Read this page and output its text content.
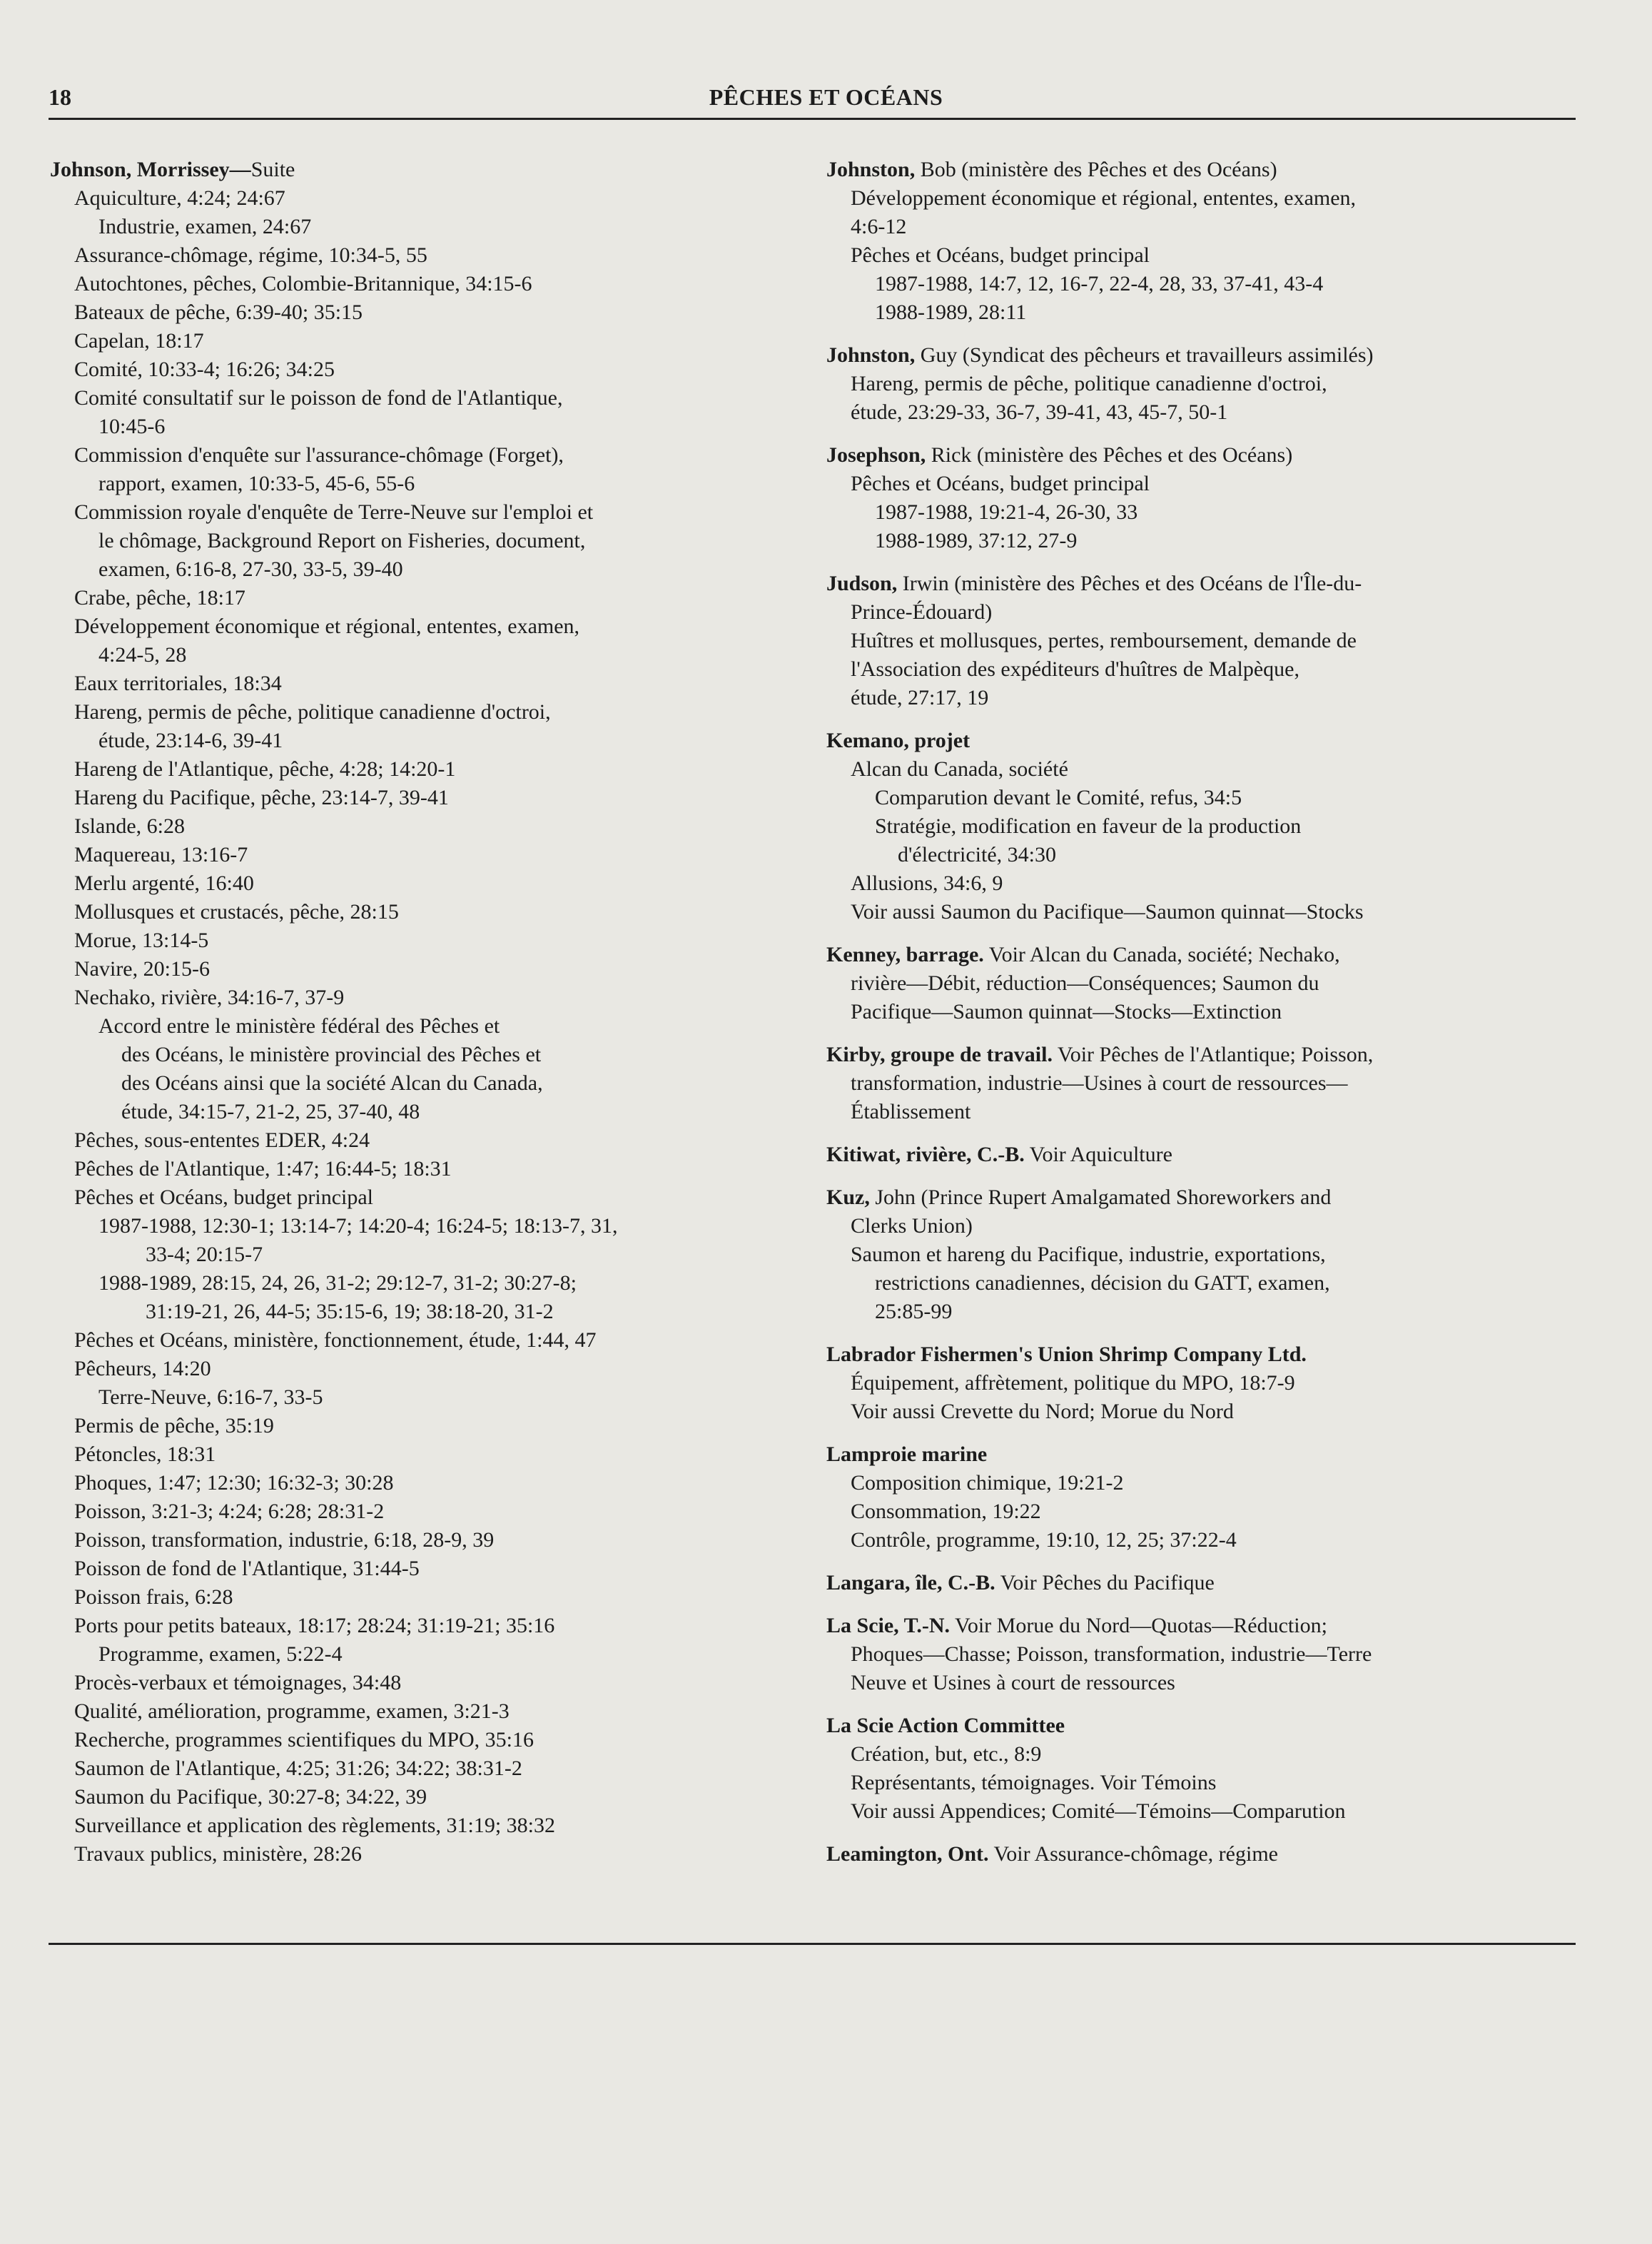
18	PÊCHES ET OCÉANS
Johnson, Morrissey—Suite
Aquiculture, 4:24; 24:67
Industrie, examen, 24:67
Assurance-chômage, régime, 10:34-5, 55
Autochtones, pêches, Colombie-Britannique, 34:15-6
Bateaux de pêche, 6:39-40; 35:15
Capelan, 18:17
Comité, 10:33-4; 16:26; 34:25
Comité consultatif sur le poisson de fond de l'Atlantique,
10:45-6
Commission d'enquête sur l'assurance-chômage (Forget),
rapport, examen, 10:33-5, 45-6, 55-6
Commission royale d'enquête de Terre-Neuve sur l'emploi et
le chômage, Background Report on Fisheries, document,
examen, 6:16-8, 27-30, 33-5, 39-40
Crabe, pêche, 18:17
Développement économique et régional, ententes, examen,
4:24-5, 28
Eaux territoriales, 18:34
Hareng, permis de pêche, politique canadienne d'octroi,
étude, 23:14-6, 39-41
Hareng de l'Atlantique, pêche, 4:28; 14:20-1
Hareng du Pacifique, pêche, 23:14-7, 39-41
Islande, 6:28
Maquereau, 13:16-7
Merlu argenté, 16:40
Mollusques et crustacés, pêche, 28:15
Morue, 13:14-5
Navire, 20:15-6
Nechako, rivière, 34:16-7, 37-9
Accord entre le ministère fédéral des Pêches et
des Océans, le ministère provincial des Pêches et
des Océans ainsi que la société Alcan du Canada,
étude, 34:15-7, 21-2, 25, 37-40, 48
Pêches, sous-ententes EDER, 4:24
Pêches de l'Atlantique, 1:47; 16:44-5; 18:31
Pêches et Océans, budget principal
1987-1988, 12:30-1; 13:14-7; 14:20-4; 16:24-5; 18:13-7, 31,
33-4; 20:15-7
1988-1989, 28:15, 24, 26, 31-2; 29:12-7, 31-2; 30:27-8;
31:19-21, 26, 44-5; 35:15-6, 19; 38:18-20, 31-2
Pêches et Océans, ministère, fonctionnement, étude, 1:44, 47
Pêcheurs, 14:20
Terre-Neuve, 6:16-7, 33-5
Permis de pêche, 35:19
Pétoncles, 18:31
Phoques, 1:47; 12:30; 16:32-3; 30:28
Poisson, 3:21-3; 4:24; 6:28; 28:31-2
Poisson, transformation, industrie, 6:18, 28-9, 39
Poisson de fond de l'Atlantique, 31:44-5
Poisson frais, 6:28
Ports pour petits bateaux, 18:17; 28:24; 31:19-21; 35:16
Programme, examen, 5:22-4
Procès-verbaux et témoignages, 34:48
Qualité, amélioration, programme, examen, 3:21-3
Recherche, programmes scientifiques du MPO, 35:16
Saumon de l'Atlantique, 4:25; 31:26; 34:22; 38:31-2
Saumon du Pacifique, 30:27-8; 34:22, 39
Surveillance et application des règlements, 31:19; 38:32
Travaux publics, ministère, 28:26
Johnston, Bob (ministère des Pêches et des Océans)
Développement économique et régional, ententes, examen,
4:6-12
Pêches et Océans, budget principal
1987-1988, 14:7, 12, 16-7, 22-4, 28, 33, 37-41, 43-4
1988-1989, 28:11
Johnston, Guy (Syndicat des pêcheurs et travailleurs assimilés)
Hareng, permis de pêche, politique canadienne d'octroi,
étude, 23:29-33, 36-7, 39-41, 43, 45-7, 50-1
Josephson, Rick (ministère des Pêches et des Océans)
Pêches et Océans, budget principal
1987-1988, 19:21-4, 26-30, 33
1988-1989, 37:12, 27-9
Judson, Irwin (ministère des Pêches et des Océans de l'Île-du-
Prince-Édouard)
Huîtres et mollusques, pertes, remboursement, demande de
l'Association des expéditeurs d'huîtres de Malpèque,
étude, 27:17, 19
Kemano, projet
Alcan du Canada, société
Comparution devant le Comité, refus, 34:5
Stratégie, modification en faveur de la production
d'électricité, 34:30
Allusions, 34:6, 9
Voir aussi Saumon du Pacifique—Saumon quinnat—Stocks
Kenney, barrage. Voir Alcan du Canada, société; Nechako,
rivière—Débit, réduction—Conséquences; Saumon du
Pacifique—Saumon quinnat—Stocks—Extinction
Kirby, groupe de travail. Voir Pêches de l'Atlantique; Poisson,
transformation, industrie—Usines à court de ressources—
Établissement
Kitiwat, rivière, C.-B. Voir Aquiculture
Kuz, John (Prince Rupert Amalgamated Shoreworkers and
Clerks Union)
Saumon et hareng du Pacifique, industrie, exportations,
restrictions canadiennes, décision du GATT, examen,
25:85-99
Labrador Fishermen's Union Shrimp Company Ltd.
Équipement, affrètement, politique du MPO, 18:7-9
Voir aussi Crevette du Nord; Morue du Nord
Lamproie marine
Composition chimique, 19:21-2
Consommation, 19:22
Contrôle, programme, 19:10, 12, 25; 37:22-4
Langara, île, C.-B. Voir Pêches du Pacifique
La Scie, T.-N. Voir Morue du Nord—Quotas—Réduction;
Phoques—Chasse; Poisson, transformation, industrie—Terre
Neuve et Usines à court de ressources
La Scie Action Committee
Création, but, etc., 8:9
Représentants, témoignages. Voir Témoins
Voir aussi Appendices; Comité—Témoins—Comparution
Leamington, Ont. Voir Assurance-chômage, régime
